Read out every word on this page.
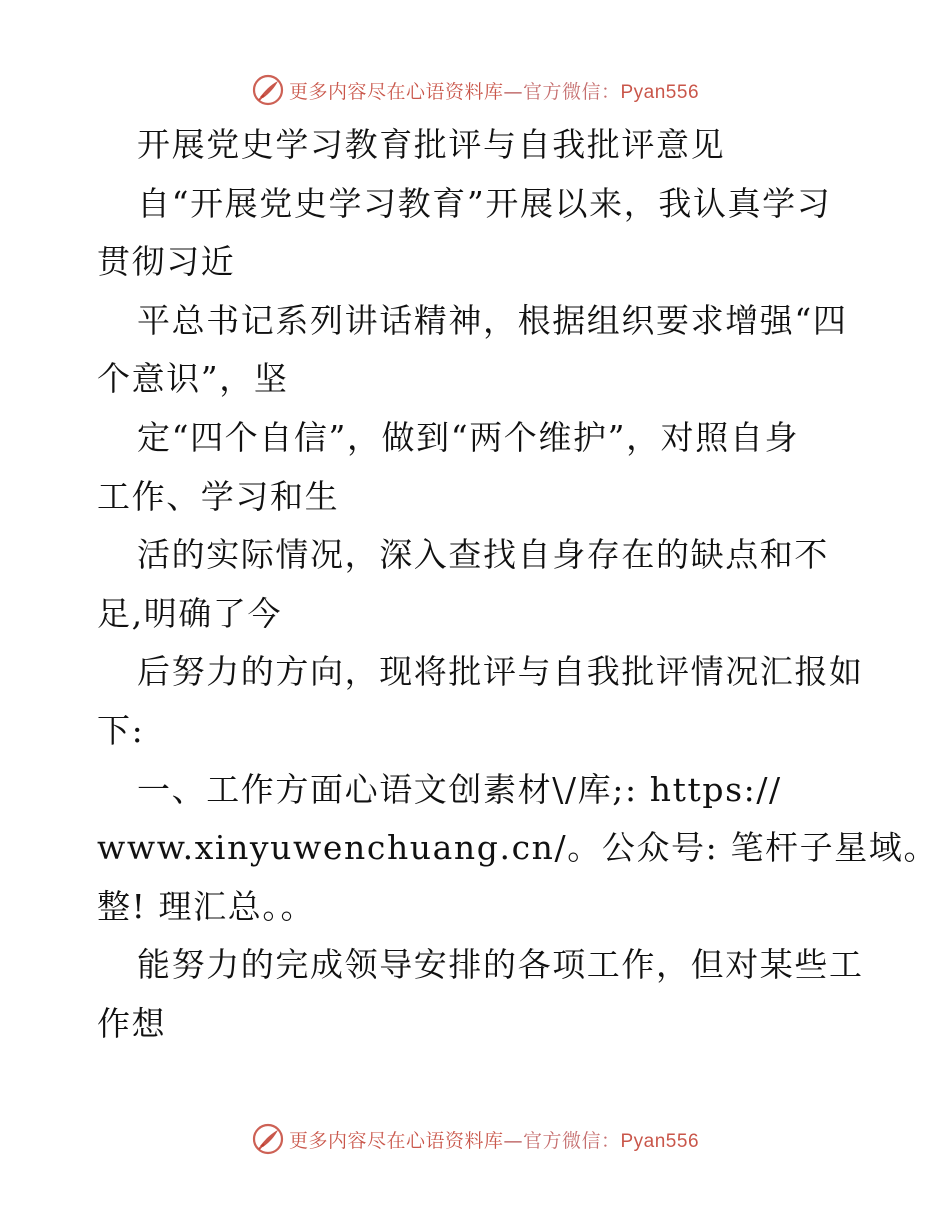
更多内容尽在心语资料库—官方微信：Pyan556
开展党史学习教育批评与自我批评意见
自“开展党史学习教育”开展以来，我认真学习
贯彻习近
平总书记系列讲话精神，根据组织要求增强“四
个意识”，坚
定“四个自信”，做到“两个维护”，对照自身
工作、学习和生
活的实际情况，深入查找自身存在的缺点和不
足,明确了今
后努力的方向，现将批评与自我批评情况汇报如
下:
一、工作方面心语文创素材\/库;: https://
www.xinyuwenchuang.cn/。公众号: 笔杆子星域。
整! 理汇总。。
能努力的完成领导安排的各项工作，但对某些工
作想
更多内容尽在心语资料库—官方微信：Pyan556
